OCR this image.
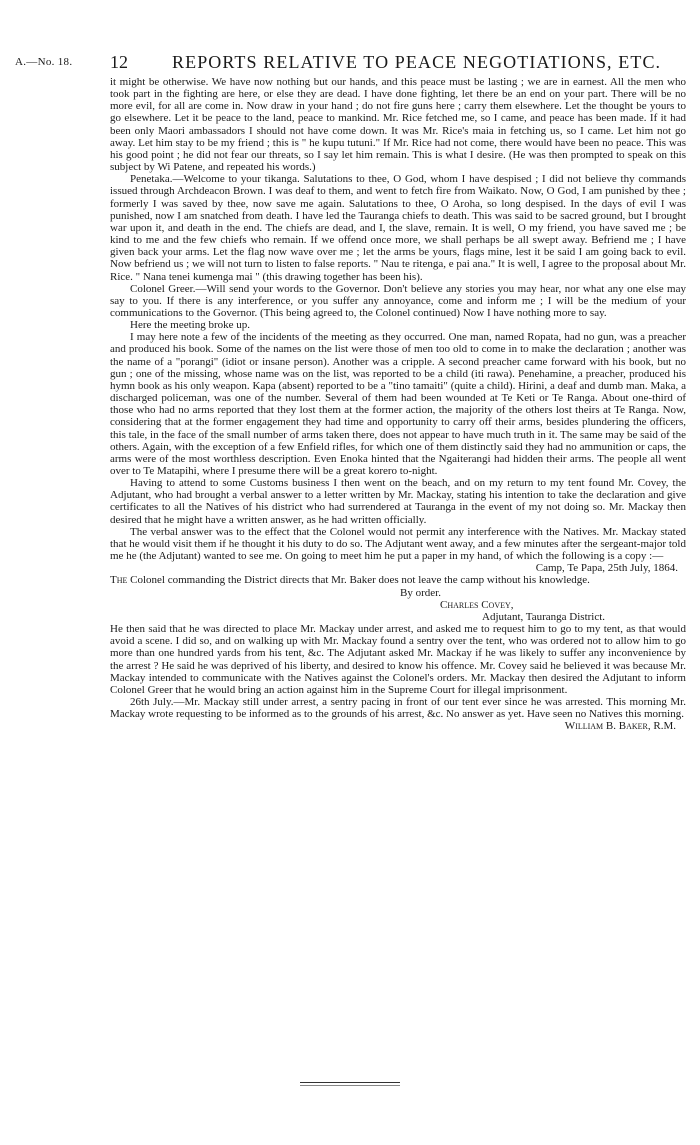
A.—No. 18. 12 REPORTS RELATIVE TO PEACE NEGOTIATIONS, ETC.

it might be otherwise. We have now nothing but our hands, and this peace must be lasting ; we are in earnest. All the men who took part in the fighting are here, or else they are dead. I have done fighting, let there be an end on your part. There will be no more evil, for all are come in. Now draw in your hand ; do not fire guns here ; carry them elsewhere. Let the thought be yours to go elsewhere. Let it be peace to the land, peace to mankind. Mr. Rice fetched me, so I came, and peace has been made. If it had been only Maori ambassadors I should not have come down. It was Mr. Rice's maia in fetching us, so I came. Let him not go away. Let him stay to be my friend ; this is " he kupu tutuni." If Mr. Rice had not come, there would have been no peace. This was his good point ; he did not fear our threats, so I say let him remain. This is what I desire. (He was then prompted to speak on this subject by Wi Patene, and repeated his words.)

Penetaka.—Welcome to your tikanga. Salutations to thee, O God, whom I have despised ; I did not believe thy commands issued through Archdeacon Brown. I was deaf to them, and went to fetch fire from Waikato. Now, O God, I am punished by thee ; formerly I was saved by thee, now save me again. Salutations to thee, O Aroha, so long despised. In the days of evil I was punished, now I am snatched from death. I have led the Tauranga chiefs to death. This was said to be sacred ground, but I brought war upon it, and death in the end. The chiefs are dead, and I, the slave, remain. It is well, O my friend, you have saved me ; be kind to me and the few chiefs who remain. If we offend once more, we shall perhaps be all swept away. Befriend me ; I have given back your arms. Let the flag now wave over me ; let the arms be yours, flags mine, lest it be said I am going back to evil. Now befriend us ; we will not turn to listen to false reports. " Nau te ritenga, e pai ana." It is well, I agree to the proposal about Mr. Rice. " Nana tenei kumenga mai " (this drawing together has been his).

Colonel Greer.—Will send your words to the Governor. Don't believe any stories you may hear, nor what any one else may say to you. If there is any interference, or you suffer any annoyance, come and inform me ; I will be the medium of your communications to the Governor. (This being agreed to, the Colonel continued) Now I have nothing more to say.

Here the meeting broke up.

I may here note a few of the incidents of the meeting as they occurred. One man, named Ropata, had no gun, was a preacher and produced his book. Some of the names on the list were those of men too old to come in to make the declaration ; another was the name of a "porangi" (idiot or insane person). Another was a cripple. A second preacher came forward with his book, but no gun ; one of the missing, whose name was on the list, was reported to be a child (iti rawa). Penehamine, a preacher, produced his hymn book as his only weapon. Kapa (absent) reported to be a "tino tamaiti" (quite a child). Hirini, a deaf and dumb man. Maka, a discharged policeman, was one of the number. Several of them had been wounded at Te Keti or Te Ranga. About one-third of those who had no arms reported that they lost them at the former action, the majority of the others lost theirs at Te Ranga. Now, considering that at the former engagement they had time and opportunity to carry off their arms, besides plundering the officers, this tale, in the face of the small number of arms taken there, does not appear to have much truth in it. The same may be said of the others. Again, with the exception of a few Enfield rifles, for which one of them distinctly said they had no ammunition or caps, the arms were of the most worthless description. Even Enoka hinted that the Ngaiterangi had hidden their arms. The people all went over to Te Matapihi, where I presume there will be a great korero to-night.

Having to attend to some Customs business I then went on the beach, and on my return to my tent found Mr. Covey, the Adjutant, who had brought a verbal answer to a letter written by Mr. Mackay, stating his intention to take the declaration and give certificates to all the Natives of his district who had surrendered at Tauranga in the event of my not doing so. Mr. Mackay then desired that he might have a written answer, as he had written officially.

The verbal answer was to the effect that the Colonel would not permit any interference with the Natives. Mr. Mackay stated that he would visit them if he thought it his duty to do so. The Adjutant went away, and a few minutes after the sergeant-major told me he (the Adjutant) wanted to see me. On going to meet him he put a paper in my hand, of which the following is a copy :—

Camp, Te Papa, 25th July, 1864.

The Colonel commanding the District directs that Mr. Baker does not leave the camp without his knowledge.

By order.

Charles Covey,

Adjutant, Tauranga District.

He then said that he was directed to place Mr. Mackay under arrest, and asked me to request him to go to my tent, as that would avoid a scene. I did so, and on walking up with Mr. Mackay found a sentry over the tent, who was ordered not to allow him to go more than one hundred yards from his tent, &c. The Adjutant asked Mr. Mackay if he was likely to suffer any inconvenience by the arrest ? He said he was deprived of his liberty, and desired to know his offence. Mr. Covey said he believed it was because Mr. Mackay intended to communicate with the Natives against the Colonel's orders. Mr. Mackay then desired the Adjutant to inform Colonel Greer that he would bring an action against him in the Supreme Court for illegal imprisonment.

26th July.—Mr. Mackay still under arrest, a sentry pacing in front of our tent ever since he was arrested. This morning Mr. Mackay wrote requesting to be informed as to the grounds of his arrest, &c. No answer as yet. Have seen no Natives this morning.

William B. Baker, R.M.
